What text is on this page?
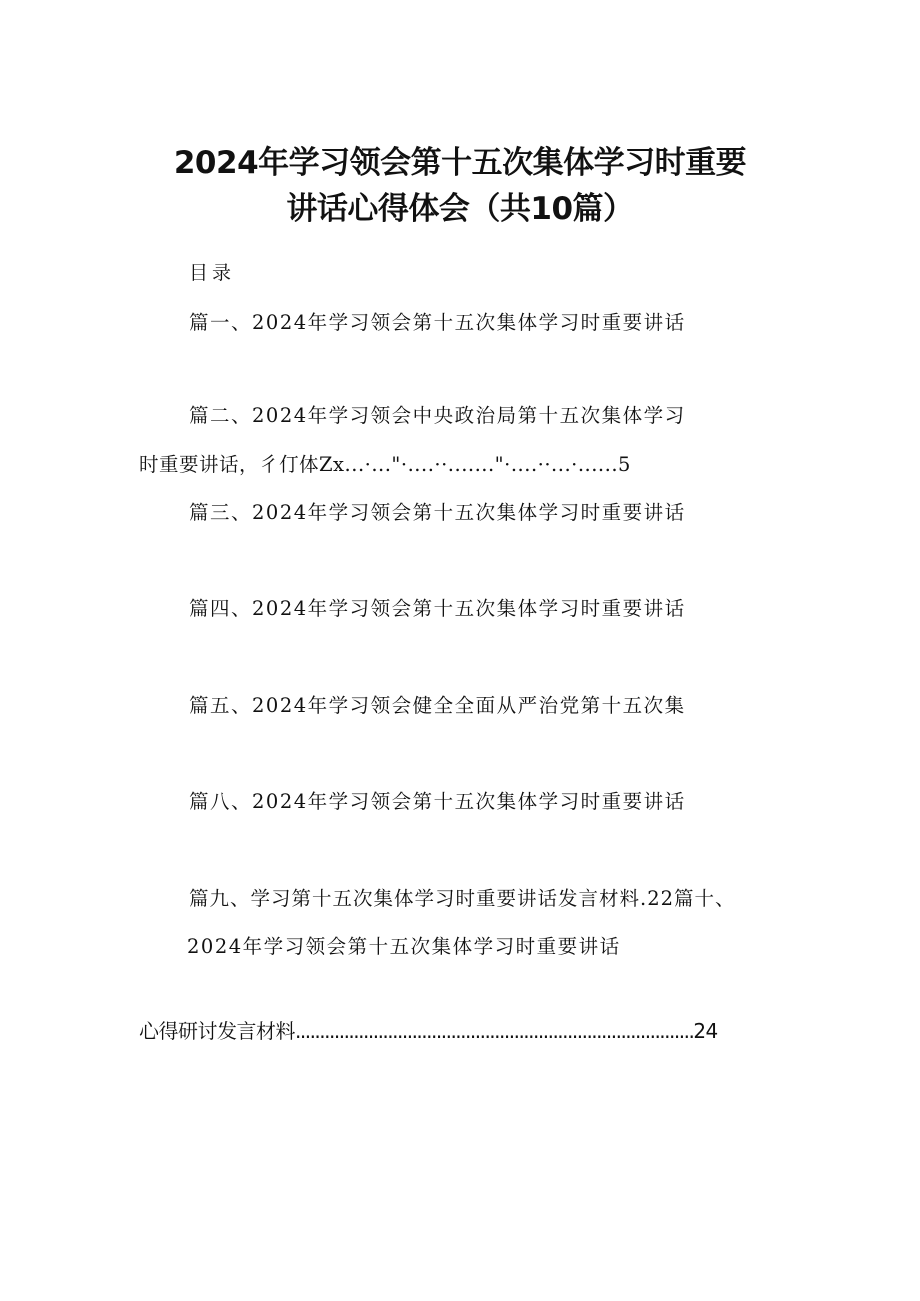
2024年学习领会第十五次集体学习时重要
讲话心得体会（共10篇）
目录
篇一、2024年学习领会第十五次集体学习时重要讲话
篇二、2024年学习领会中央政治局第十五次集体学习
时重要讲话，彳仃体Zx...·..."·....··......."·....··...·......5
篇三、2024年学习领会第十五次集体学习时重要讲话
篇四、2024年学习领会第十五次集体学习时重要讲话
篇五、2024年学习领会健全全面从严治党第十五次集
篇八、2024年学习领会第十五次集体学习时重要讲话
篇九、学习第十五次集体学习时重要讲话发言材料.22篇十、
2024年学习领会第十五次集体学习时重要讲话
心得研讨发言材料..................................................................................24
